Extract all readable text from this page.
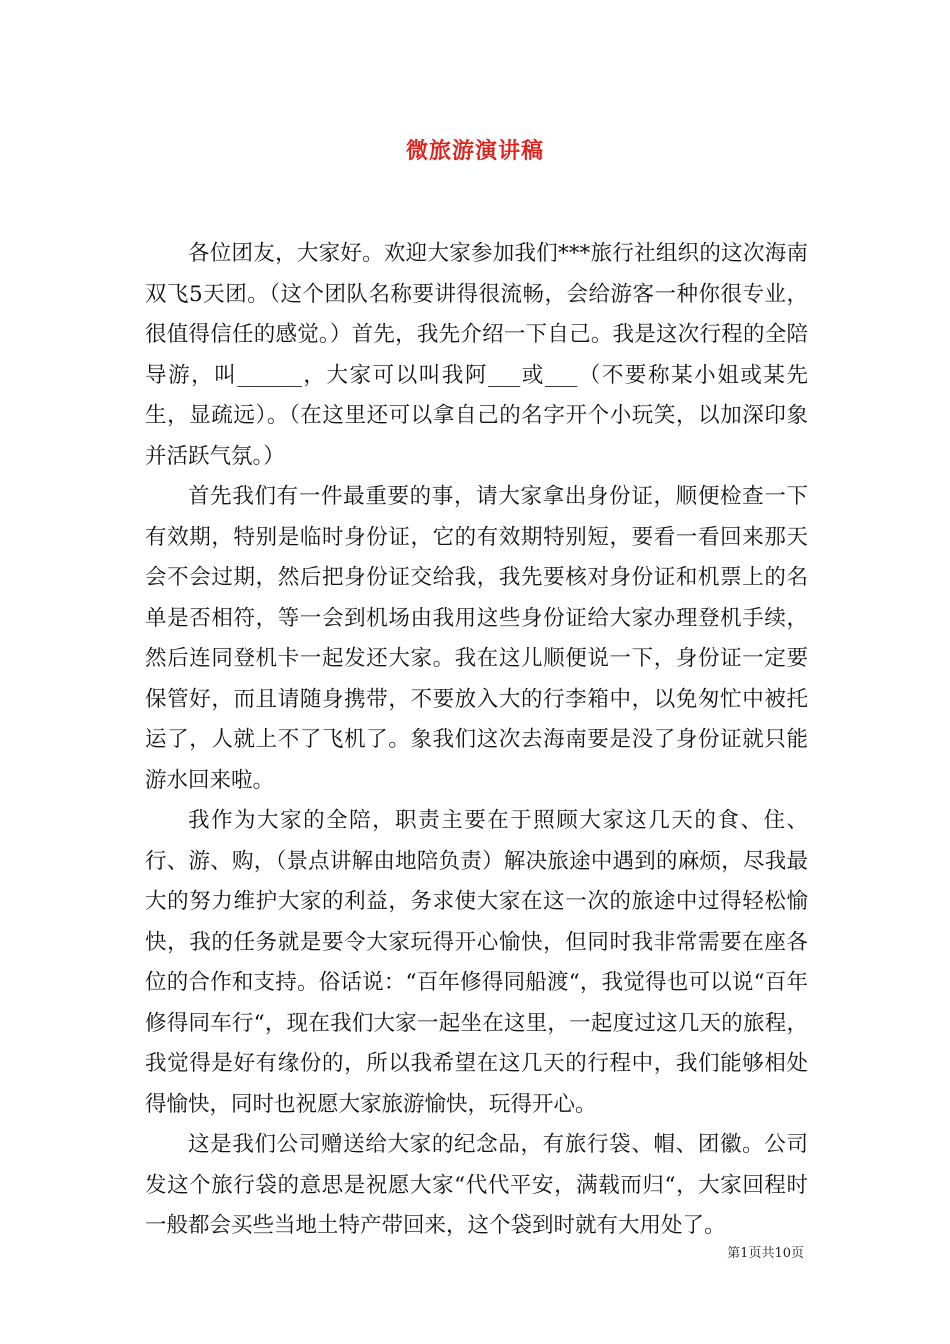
微旅游演讲稿

各位团友，大家好。欢迎大家参加我们***旅行社组织的这次海南双飞5天团。（这个团队名称要讲得很流畅，会给游客一种你很专业，很值得信任的感觉。）首先，我先介绍一下自己。我是这次行程的全陪导游，叫______，大家可以叫我阿___或___（不要称某小姐或某先生，显疏远）。（在这里还可以拿自己的名字开个小玩笑，以加深印象并活跃气氛。）

首先我们有一件最重要的事，请大家拿出身份证，顺便检查一下有效期，特别是临时身份证，它的有效期特别短，要看一看回来那天会不会过期，然后把身份证交给我，我先要核对身份证和机票上的名单是否相符，等一会到机场由我用这些身份证给大家办理登机手续，然后连同登机卡一起发还大家。我在这儿顺便说一下，身份证一定要保管好，而且请随身携带，不要放入大的行李箱中，以免匆忙中被托运了，人就上不了飞机了。象我们这次去海南要是没了身份证就只能游水回来啦。

我作为大家的全陪，职责主要在于照顾大家这几天的食、住、行、游、购，（景点讲解由地陪负责）解决旅途中遇到的麻烦，尽我最大的努力维护大家的利益，务求使大家在这一次的旅途中过得轻松愉快，我的任务就是要令大家玩得开心愉快，但同时我非常需要在座各位的合作和支持。俗话说：“百年修得同船渡“，我觉得也可以说“百年修得同车行“，现在我们大家一起坐在这里，一起度过这几天的旅程，我觉得是好有缘份的，所以我希望在这几天的行程中，我们能够相处得愉快，同时也祝愿大家旅游愉快，玩得开心。

这是我们公司赠送给大家的纪念品，有旅行袋、帽、团徽。公司发这个旅行袋的意思是祝愿大家“代代平安，满载而归“，大家回程时一般都会买些当地土特产带回来，这个袋到时就有大用处了。

第1页共10页
